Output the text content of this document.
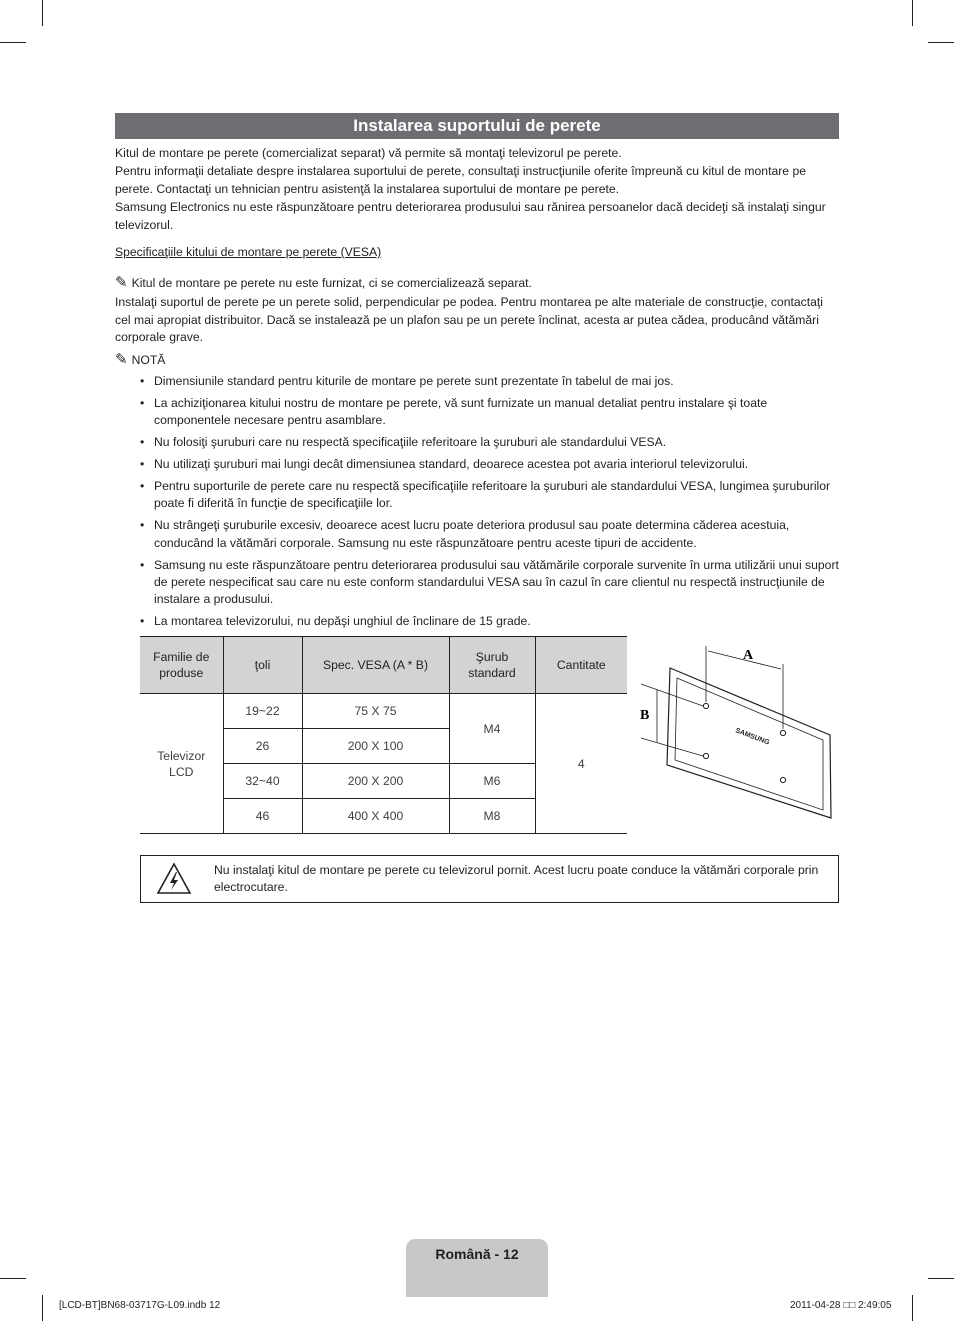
Instalarea suportului de perete

Kitul de montare pe perete (comercializat separat) vă permite să montaţi televizorul pe perete.

Pentru informaţii detaliate despre instalarea suportului de perete, consultaţi instrucţiunile oferite împreună cu kitul de montare pe perete. Contactaţi un tehnician pentru asistenţă la instalarea suportului de montare pe perete.

Samsung Electronics nu este răspunzătoare pentru deteriorarea produsului sau rănirea persoanelor dacă decideţi să instalaţi singur televizorul.

Specificaţiile kitului de montare pe perete (VESA)
✎ Kitul de montare pe perete nu este furnizat, ci se comercializează separat.

Instalaţi suportul de perete pe un perete solid, perpendicular pe podea. Pentru montarea pe alte materiale de construcţie, contactaţi cel mai apropiat distribuitor. Dacă se instalează pe un plafon sau pe un perete înclinat, acesta ar putea cădea, producând vătămări corporale grave.

✎ NOTĂ
• Dimensiunile standard pentru kiturile de montare pe perete sunt prezentate în tabelul de mai jos.
• La achiziţionarea kitului nostru de montare pe perete, vă sunt furnizate un manual detaliat pentru instalare şi toate componentele necesare pentru asamblare.
• Nu folosiţi şuruburi care nu respectă specificaţiile referitoare la şuruburi ale standardului VESA.
• Nu utilizaţi şuruburi mai lungi decât dimensiunea standard, deoarece acestea pot avaria interiorul televizorului.
• Pentru suporturile de perete care nu respectă specificaţiile referitoare la şuruburi ale standardului VESA, lungimea şuruburilor poate fi diferită în funcţie de specificaţiile lor.
• Nu strângeţi şuruburile excesiv, deoarece acest lucru poate deteriora produsul sau poate determina căderea acestuia, conducând la vătămări corporale. Samsung nu este răspunzătoare pentru aceste tipuri de accidente.
• Samsung nu este răspunzătoare pentru deteriorarea produsului sau vătămările corporale survenite în urma utilizării unui suport de perete nespecificat sau care nu este conform standardului VESA sau în cazul în care clientul nu respectă instrucţiunile de instalare a produsului.
• La montarea televizorului, nu depăşi unghiul de înclinare de 15 grade.
Familie de produse	ţoli	Spec. VESA (A * B)	Şurub standard	Cantitate
Televizor LCD	19~22	75 X 75	M4	4
	26	200 X 100		
	32~40	200 X 200	M6	
	46	400 X 400	M8	
A
B
SAMSUNG
Nu instalaţi kitul de montare pe perete cu televizorul pornit. Acest lucru poate conduce la vătămări corporale prin electrocutare.
Română - 12
[LCD-BT]BN68-03717G-L09.indb 12	2011-04-28 □□ 2:49:05
